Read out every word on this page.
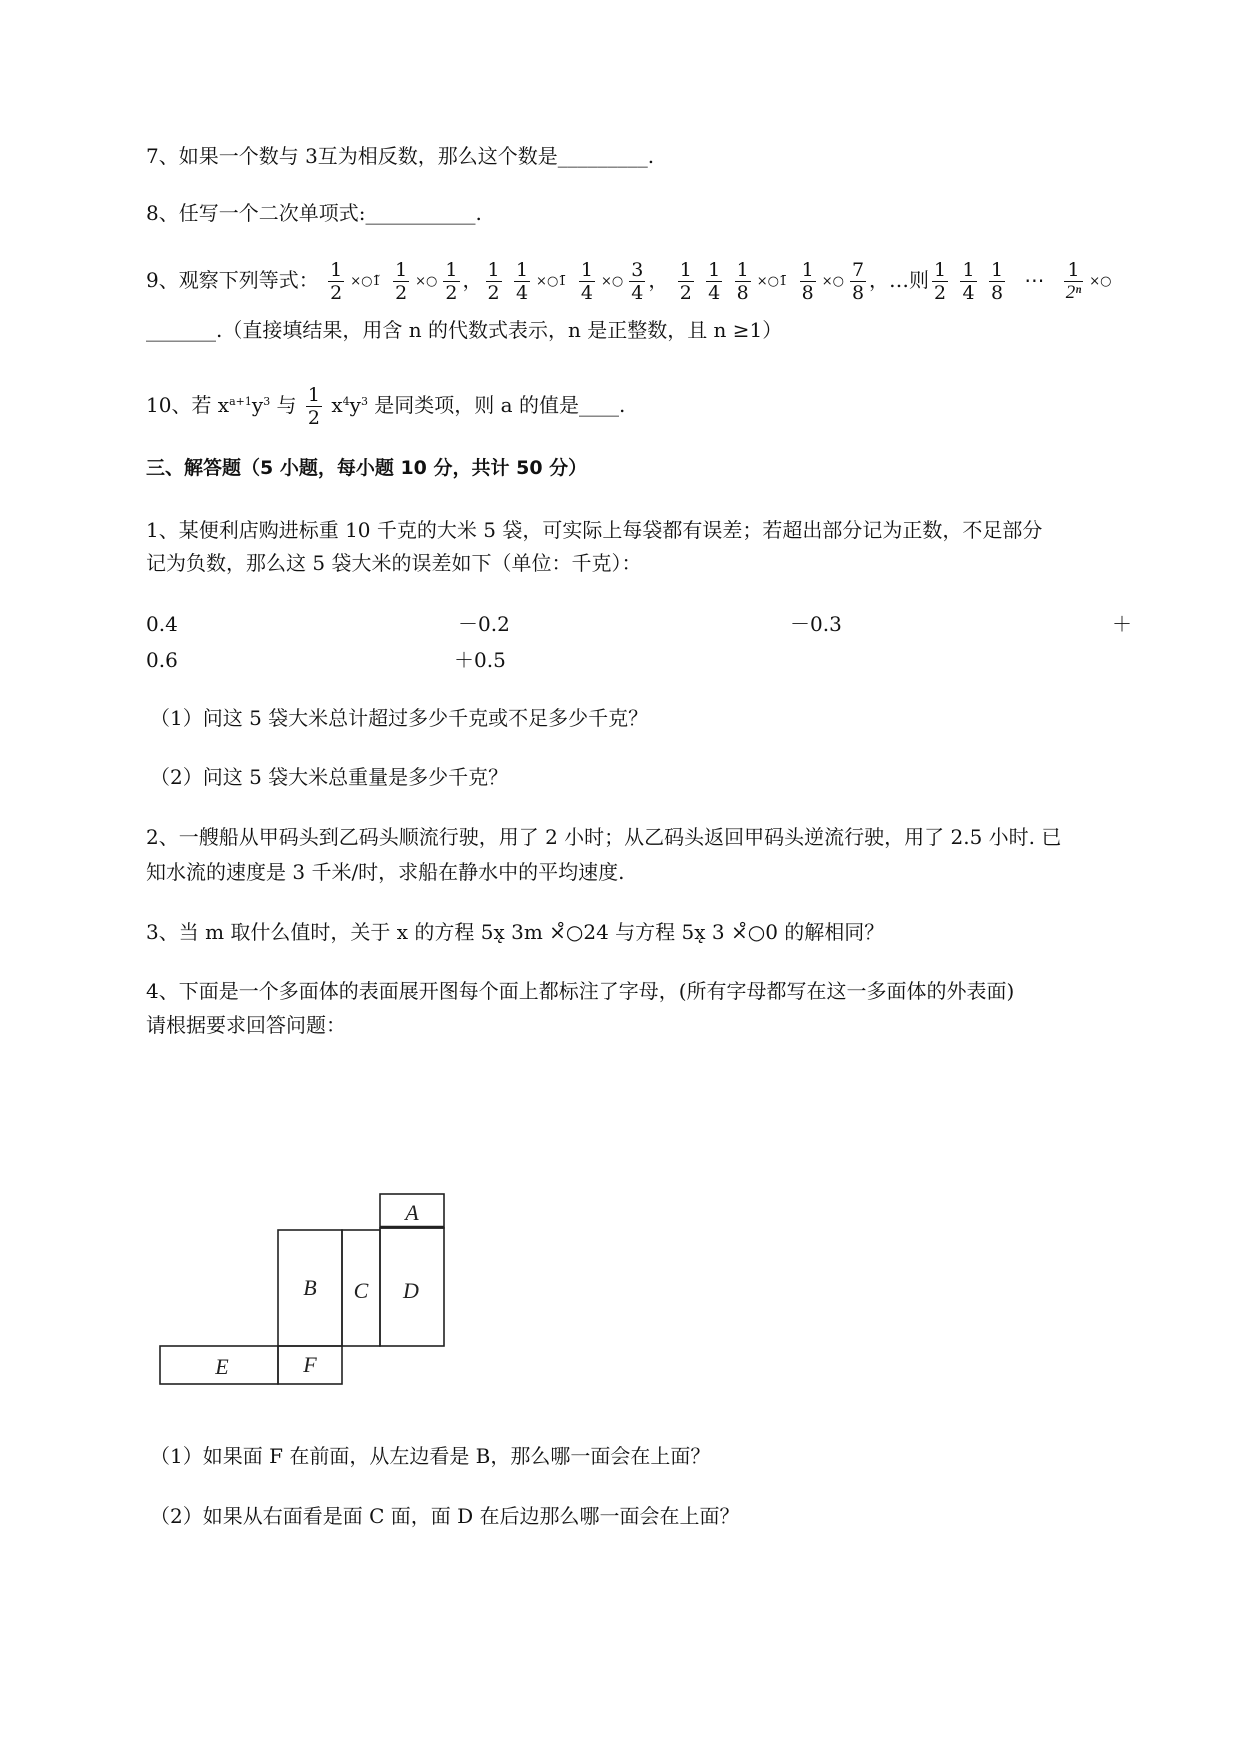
7、如果一个数与 3互为相反数，那么这个数是_________.
8、任写一个二次单项式:___________.
9、观察下列等式： $\frac{1}{2}$ ×○1̃ $\frac{1}{2}$ ×○ $\frac{1}{2}$ ， $\frac{1}{2}$
$\frac{1}{4}$ ×○1̄ $\frac{1}{4}$ ×○ $\frac{3}{4}$ ， $\frac{1}{2}$
$\frac{1}{4}$
$\frac{1}{8}$ ×○1̄ $\frac{1}{8}$ ×○ $\frac{7}{8}$ ，…则 $\frac{1}{2}$
$\frac{1}{4}$
$\frac{1}{8}$ ⋯ $\frac{1}{\text{2ⁿ}}$ ×○
_______.（直接填结果，用含 n 的代数式表示，n 是正整数，且 n ≥1）
10、若 $x^{a+1}y^3$ 与 $\frac{1}{2} x^4y^3$ 是同类项，则 a 的值是____.
三、解答题（5 小题，每小题 10 分，共计 50 分）
1、某便利店购进标重 10 千克的大米 5 袋，可实际上每袋都有误差；若超出部分记为正数，不足部分
记为负数，那么这 5 袋大米的误差如下（单位：千克）：
0.4	－0.2	－0.3	＋
0.6	＋0.5
（1）问这 5 袋大米总计超过多少千克或不足多少千克？
（2）问这 5 袋大米总重量是多少千克？
2、一艘船从甲码头到乙码头顺流行驶，用了 2 小时；从乙码头返回甲码头逆流行驶，用了 2.5 小时. 已
知水流的速度是 3 千米/时，求船在静水中的平均速度.
3、当 m 取什么值时，关于 x 的方程 5x̨ 3m ×̊○24 与方程 5x̨ 3 ×̊○0 的解相同？
4、下面是一个多面体的表面展开图每个面上都标注了字母，(所有字母都写在这一多面体的外表面)
请根据要求回答问题：
A
B C D
E	F
（1）如果面 F 在前面，从左边看是 B，那么哪一面会在上面？
（2）如果从右面看是面 C 面，面 D 在后边那么哪一面会在上面？
